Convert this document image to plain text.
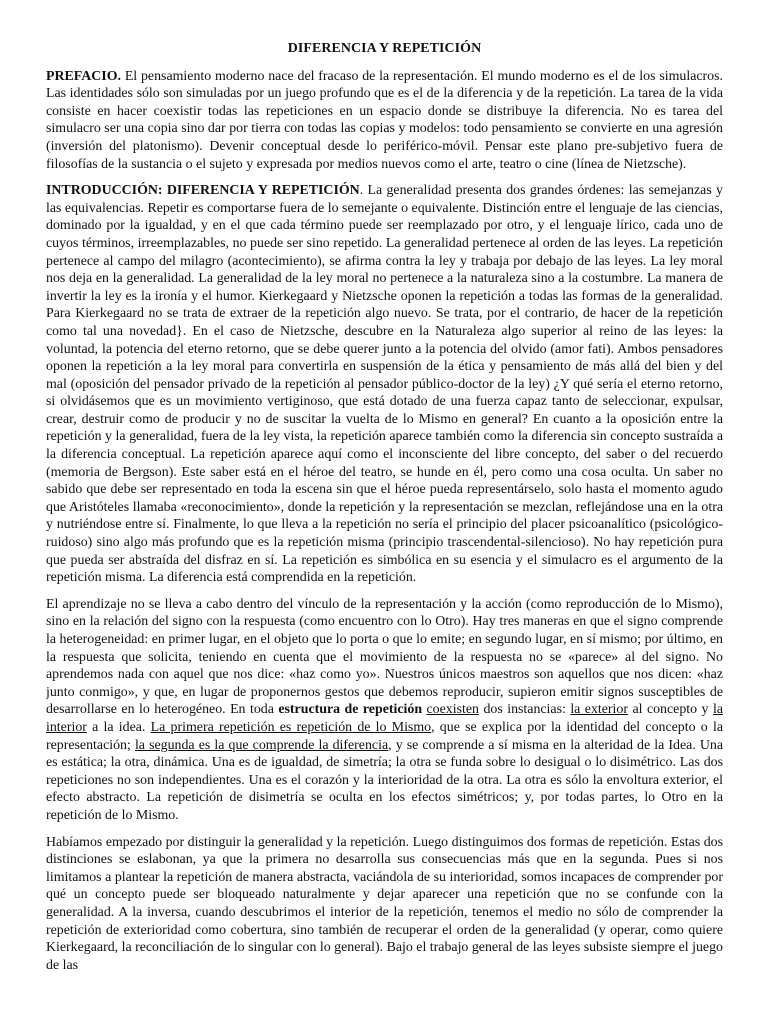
DIFERENCIA Y REPETICIÓN

PREFACIO. El pensamiento moderno nace del fracaso de la representación. El mundo moderno es el de los simulacros. Las identidades sólo son simuladas por un juego profundo que es el de la diferencia y de la repetición. La tarea de la vida consiste en hacer coexistir todas las repeticiones en un espacio donde se distribuye la diferencia. No es tarea del simulacro ser una copia sino dar por tierra con todas las copias y modelos: todo pensamiento se convierte en una agresión (inversión del platonismo). Devenir conceptual desde lo periférico-móvil. Pensar este plano pre-subjetivo fuera de filosofías de la sustancia o el sujeto y expresada por medios nuevos como el arte, teatro o cine (línea de Nietzsche).

INTRODUCCIÓN: DIFERENCIA Y REPETICIÓN. La generalidad presenta dos grandes órdenes: las semejanzas y las equivalencias. Repetir es comportarse fuera de lo semejante o equivalente. Distinción entre el lenguaje de las ciencias, dominado por la igualdad, y en el que cada término puede ser reemplazado por otro, y el lenguaje lírico, cada uno de cuyos términos, irreemplazables, no puede ser sino repetido. La generalidad pertenece al orden de las leyes. La repetición pertenece al campo del milagro (acontecimiento), se afirma contra la ley y trabaja por debajo de las leyes. La ley moral nos deja en la generalidad. La generalidad de la ley moral no pertenece a la naturaleza sino a la costumbre. La manera de invertir la ley es la ironía y el humor. Kierkegaard y Nietzsche oponen la repetición a todas las formas de la generalidad. Para Kierkegaard no se trata de extraer de la repetición algo nuevo. Se trata, por el contrario, de hacer de la repetición como tal una novedad}. En el caso de Nietzsche, descubre en la Naturaleza algo superior al reino de las leyes: la voluntad, la potencia del eterno retorno, que se debe querer junto a la potencia del olvido (amor fati). Ambos pensadores oponen la repetición a la ley moral para convertirla en suspensión de la ética y pensamiento de más allá del bien y del mal (oposición del pensador privado de la repetición al pensador público-doctor de la ley) ¿Y qué sería el eterno retorno, si olvidásemos que es un movimiento vertiginoso, que está dotado de una fuerza capaz tanto de seleccionar, expulsar, crear, destruir como de producir y no de suscitar la vuelta de lo Mismo en general? En cuanto a la oposición entre la repetición y la generalidad, fuera de la ley vista, la repetición aparece también como la diferencia sin concepto sustraída a la diferencia conceptual. La repetición aparece aquí como el inconsciente del libre concepto, del saber o del recuerdo (memoria de Bergson). Este saber está en el héroe del teatro, se hunde en él, pero como una cosa oculta. Un saber no sabido que debe ser representado en toda la escena sin que el héroe pueda representárselo, solo hasta el momento agudo que Aristóteles llamaba «reconocimiento», donde la repetición y la representación se mezclan, reflejándose una en la otra y nutriéndose entre sí. Finalmente, lo que lleva a la repetición no sería el principio del placer psicoanalítico (psicológico-ruidoso) sino algo más profundo que es la repetición misma (principio trascendental-silencioso). No hay repetición pura que pueda ser abstraída del disfraz en sí. La repetición es simbólica en su esencia y el simulacro es el argumento de la repetición misma. La diferencia está comprendida en la repetición.

El aprendizaje no se lleva a cabo dentro del vínculo de la representación y la acción (como reproducción de lo Mismo), sino en la relación del signo con la respuesta (como encuentro con lo Otro). Hay tres maneras en que el signo comprende la heterogeneidad: en primer lugar, en el objeto que lo porta o que lo emite; en segundo lugar, en sí mismo; por último, en la respuesta que solicita, teniendo en cuenta que el movimiento de la respuesta no se «parece» al del signo. No aprendemos nada con aquel que nos dice: «haz como yo». Nuestros únicos maestros son aquellos que nos dicen: «haz junto conmigo», y que, en lugar de proponernos gestos que debemos reproducir, supieron emitir signos susceptibles de desarrollarse en lo heterogéneo. En toda estructura de repetición coexisten dos instancias: la exterior al concepto y la interior a la idea. La primera repetición es repetición de lo Mismo, que se explica por la identidad del concepto o la representación; la segunda es la que comprende la diferencia, y se comprende a sí misma en la alteridad de la Idea. Una es estática; la otra, dinámica. Una es de igualdad, de simetría; la otra se funda sobre lo desigual o lo disimétrico. Las dos repeticiones no son independientes. Una es el corazón y la interioridad de la otra. La otra es sólo la envoltura exterior, el efecto abstracto. La repetición de disimetría se oculta en los efectos simétricos; y, por todas partes, lo Otro en la repetición de lo Mismo.

Habíamos empezado por distinguir la generalidad y la repetición. Luego distinguimos dos formas de repetición. Estas dos distinciones se eslabonan, ya que la primera no desarrolla sus consecuencias más que en la segunda. Pues si nos limitamos a plantear la repetición de manera abstracta, vaciándola de su interioridad, somos incapaces de comprender por qué un concepto puede ser bloqueado naturalmente y dejar aparecer una repetición que no se confunde con la generalidad. A la inversa, cuando descubrimos el interior de la repetición, tenemos el medio no sólo de comprender la repetición de exterioridad como cobertura, sino también de recuperar el orden de la generalidad (y operar, como quiere Kierkegaard, la reconciliación de lo singular con lo general). Bajo el trabajo general de las leyes subsiste siempre el juego de las
